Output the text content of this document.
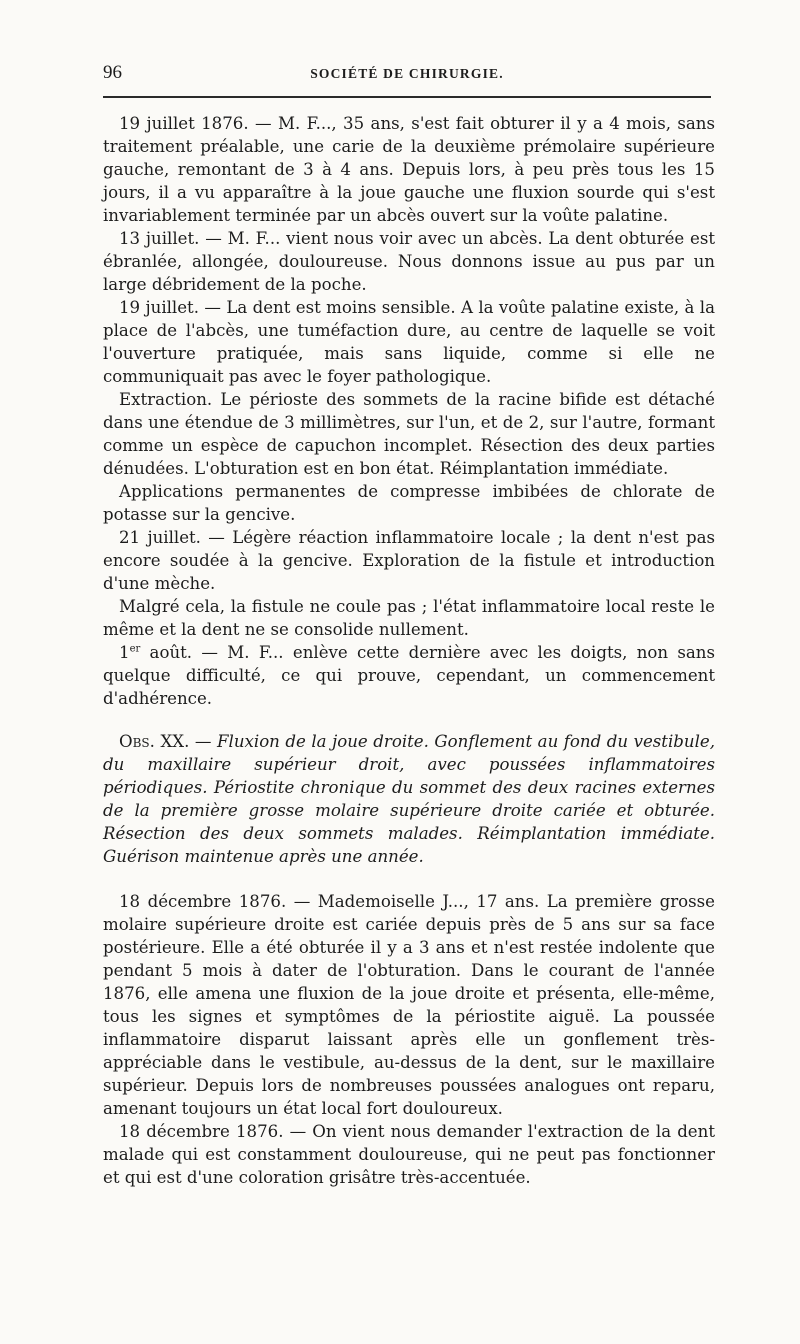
96	SOCIÉTÉ DE CHIRURGIE.

19 juillet 1876. — M. F..., 35 ans, s'est fait obturer il y a 4 mois, sans traitement préalable, une carie de la deuxième prémolaire supérieure gauche, remontant de 3 à 4 ans. Depuis lors, à peu près tous les 15 jours, il a vu apparaître à la joue gauche une fluxion sourde qui s'est invariablement terminée par un abcès ouvert sur la voûte palatine.

13 juillet. — M. F... vient nous voir avec un abcès. La dent obturée est ébranlée, allongée, douloureuse. Nous donnons issue au pus par un large débridement de la poche.

19 juillet. — La dent est moins sensible. A la voûte palatine existe, à la place de l'abcès, une tuméfaction dure, au centre de laquelle se voit l'ouverture pratiquée, mais sans liquide, comme si elle ne communiquait pas avec le foyer pathologique.

Extraction. Le périoste des sommets de la racine bifide est détaché dans une étendue de 3 millimètres, sur l'un, et de 2, sur l'autre, formant comme un espèce de capuchon incomplet. Résection des deux parties dénudées. L'obturation est en bon état. Réimplantation immédiate.

Applications permanentes de compresse imbibées de chlorate de potasse sur la gencive.

21 juillet. — Légère réaction inflammatoire locale ; la dent n'est pas encore soudée à la gencive. Exploration de la fistule et introduction d'une mèche.

Malgré cela, la fistule ne coule pas ; l'état inflammatoire local reste le même et la dent ne se consolide nullement.

1er août. — M. F... enlève cette dernière avec les doigts, non sans quelque difficulté, ce qui prouve, cependant, un commencement d'adhérence.

Obs. XX. — Fluxion de la joue droite. Gonflement au fond du vestibule, du maxillaire supérieur droit, avec poussées inflammatoires périodiques. Périostite chronique du sommet des deux racines externes de la première grosse molaire supérieure droite cariée et obturée. Résection des deux sommets malades. Réimplantation immédiate. Guérison maintenue après une année.

18 décembre 1876. — Mademoiselle J..., 17 ans. La première grosse molaire supérieure droite est cariée depuis près de 5 ans sur sa face postérieure. Elle a été obturée il y a 3 ans et n'est restée indolente que pendant 5 mois à dater de l'obturation. Dans le courant de l'année 1876, elle amena une fluxion de la joue droite et présenta, elle-même, tous les signes et symptômes de la périostite aiguë. La poussée inflammatoire disparut laissant après elle un gonflement très-appréciable dans le vestibule, au-dessus de la dent, sur le maxillaire supérieur. Depuis lors de nombreuses poussées analogues ont reparu, amenant toujours un état local fort douloureux.

18 décembre 1876. — On vient nous demander l'extraction de la dent malade qui est constamment douloureuse, qui ne peut pas fonctionner et qui est d'une coloration grisâtre très-accentuée.
